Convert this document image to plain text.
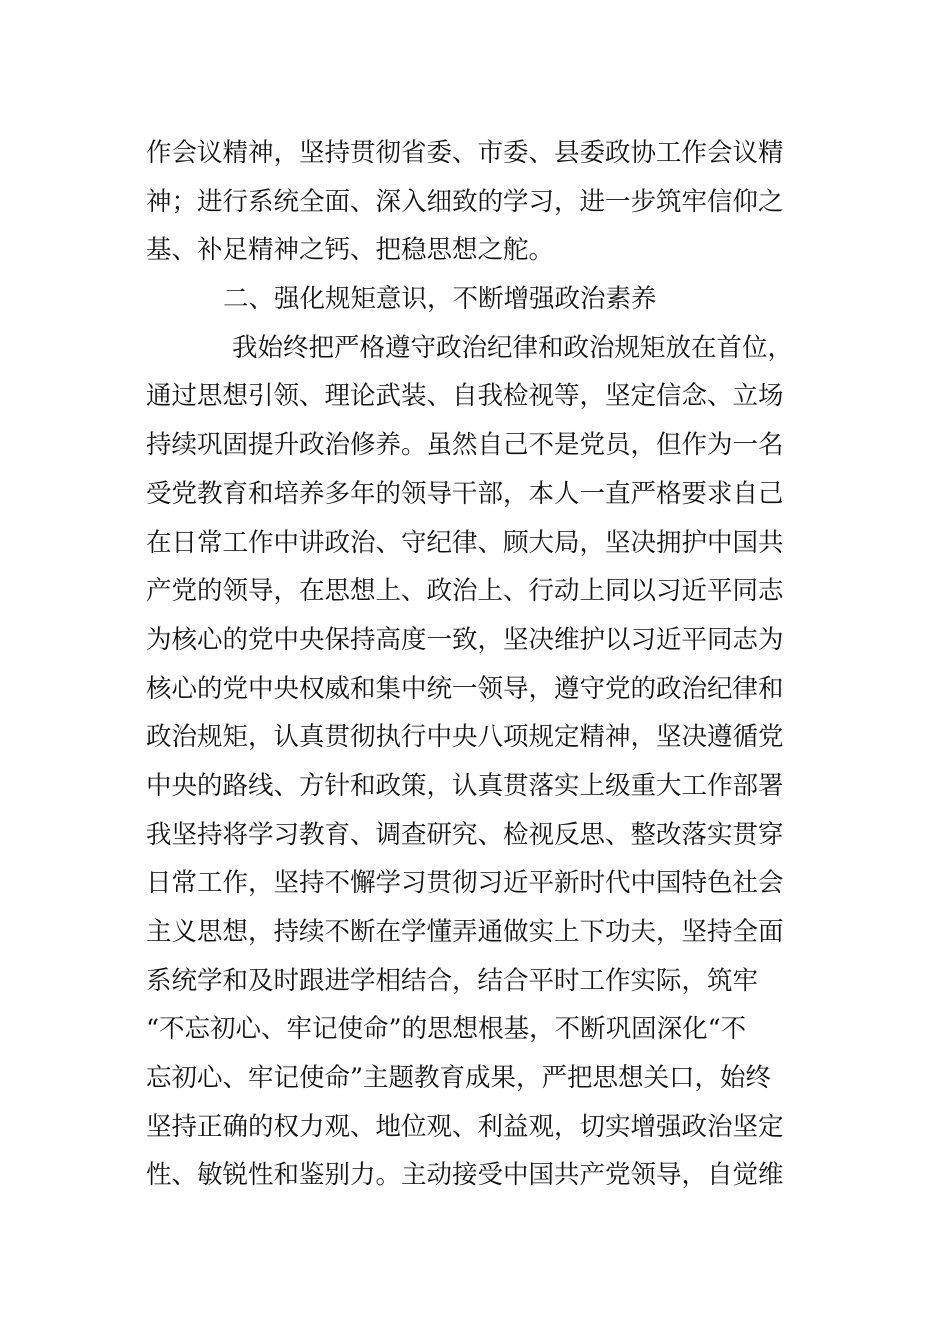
作会议精神，坚持贯彻省委、市委、县委政协工作会议精
神；进行系统全面、深入细致的学习，进一步筑牢信仰之
基、补足精神之钙、把稳思想之舵。
二、强化规矩意识，不断增强政治素养
我始终把严格遵守政治纪律和政治规矩放在首位，
通过思想引领、理论武装、自我检视等，坚定信念、立场
持续巩固提升政治修养。虽然自己不是党员，但作为一名
受党教育和培养多年的领导干部，本人一直严格要求自己
在日常工作中讲政治、守纪律、顾大局，坚决拥护中国共
产党的领导，在思想上、政治上、行动上同以习近平同志
为核心的党中央保持高度一致，坚决维护以习近平同志为
核心的党中央权威和集中统一领导，遵守党的政治纪律和
政治规矩，认真贯彻执行中央八项规定精神，坚决遵循党
中央的路线、方针和政策，认真贯落实上级重大工作部署
我坚持将学习教育、调查研究、检视反思、整改落实贯穿
日常工作，坚持不懈学习贯彻习近平新时代中国特色社会
主义思想，持续不断在学懂弄通做实上下功夫，坚持全面
系统学和及时跟进学相结合，结合平时工作实际，筑牢
“不忘初心、牢记使命”的思想根基，不断巩固深化“不
忘初心、牢记使命”主题教育成果，严把思想关口，始终
坚持正确的权力观、地位观、利益观，切实增强政治坚定
性、敏锐性和鉴别力。主动接受中国共产党领导，自觉维
